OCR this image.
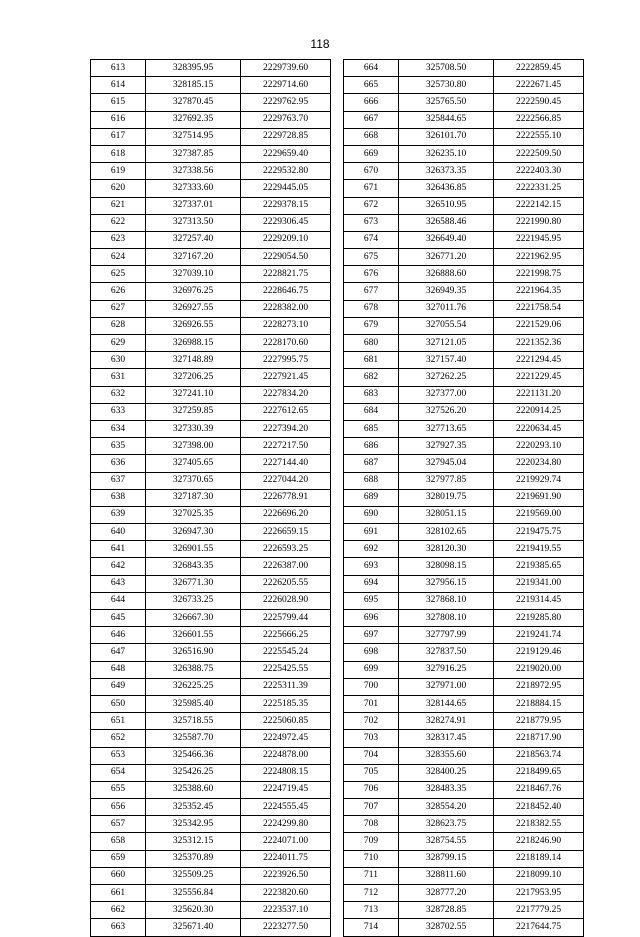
118
613	328395.95	2229739.60
614	328185.15	2229714.60
615	327870.45	2229762.95
616	327692.35	2229763.70
617	327514.95	2229728.85
618	327387.85	2229659.40
619	327338.56	2229532.80
620	327333.60	2229445.05
621	327337.01	2229378.15
622	327313.50	2229306.45
623	327257.40	2229209.10
624	327167.20	2229054.50
625	327039.10	2228821.75
626	326976.25	2228646.75
627	326927.55	2228382.00
628	326926.55	2228273.10
629	326988.15	2228170.60
630	327148.89	2227995.75
631	327206.25	2227921.45
632	327241.10	2227834.20
633	327259.85	2227612.65
634	327330.39	2227394.20
635	327398.00	2227217.50
636	327405.65	2227144.40
637	327370.65	2227044.20
638	327187.30	2226778.91
639	327025.35	2226696.20
640	326947.30	2226659.15
641	326901.55	2226593.25
642	326843.35	2226387.00
643	326771.30	2226205.55
644	326733.25	2226028.90
645	326667.30	2225799.44
646	326601.55	2225666.25
647	326516.90	2225545.24
648	326388.75	2225425.55
649	326225.25	2225311.39
650	325985.40	2225185.35
651	325718.55	2225060.85
652	325587.70	2224972.45
653	325466.36	2224878.00
654	325426.25	2224808.15
655	325388.60	2224719.45
656	325352.45	2224555.45
657	325342.95	2224299.80
658	325312.15	2224071.00
659	325370.89	2224011.75
660	325509.25	2223926.50
661	325556.84	2223820.60
662	325620.30	2223537.10
663	325671.40	2223277.50
664	325708.50	2222859.45
665	325730.80	2222671.45
666	325765.50	2222590.45
667	325844.65	2222566.85
668	326101.70	2222555.10
669	326235.10	2222509.50
670	326373.35	2222403.30
671	326436.85	2222331.25
672	326510.95	2222142.15
673	326588.46	2221990.80
674	326649.40	2221945.95
675	326771.20	2221962.95
676	326888.60	2221998.75
677	326949.35	2221964.35
678	327011.76	2221758.54
679	327055.54	2221529.06
680	327121.05	2221352.36
681	327157.40	2221294.45
682	327262.25	2221229.45
683	327377.00	2221131.20
684	327526.20	2220914.25
685	327713.65	2220634.45
686	327927.35	2220293.10
687	327945.04	2220234.80
688	327977.85	2219929.74
689	328019.75	2219691.90
690	328051.15	2219569.00
691	328102.65	2219475.75
692	328120.30	2219419.55
693	328098.15	2219385.65
694	327956.15	2219341.00
695	327868.10	2219314.45
696	327808.10	2219285.80
697	327797.99	2219241.74
698	327837.50	2219129.46
699	327916.25	2219020.00
700	327971.00	2218972.95
701	328144.65	2218884.15
702	328274.91	2218779.95
703	328317.45	2218717.90
704	328355.60	2218563.74
705	328400.25	2218499.65
706	328483.35	2218467.76
707	328554.20	2218452.40
708	328623.75	2218382.55
709	328754.55	2218246.90
710	328799.15	2218189.14
711	328811.60	2218099.10
712	328777.20	2217953.95
713	328728.85	2217779.25
714	328702.55	2217644.75
